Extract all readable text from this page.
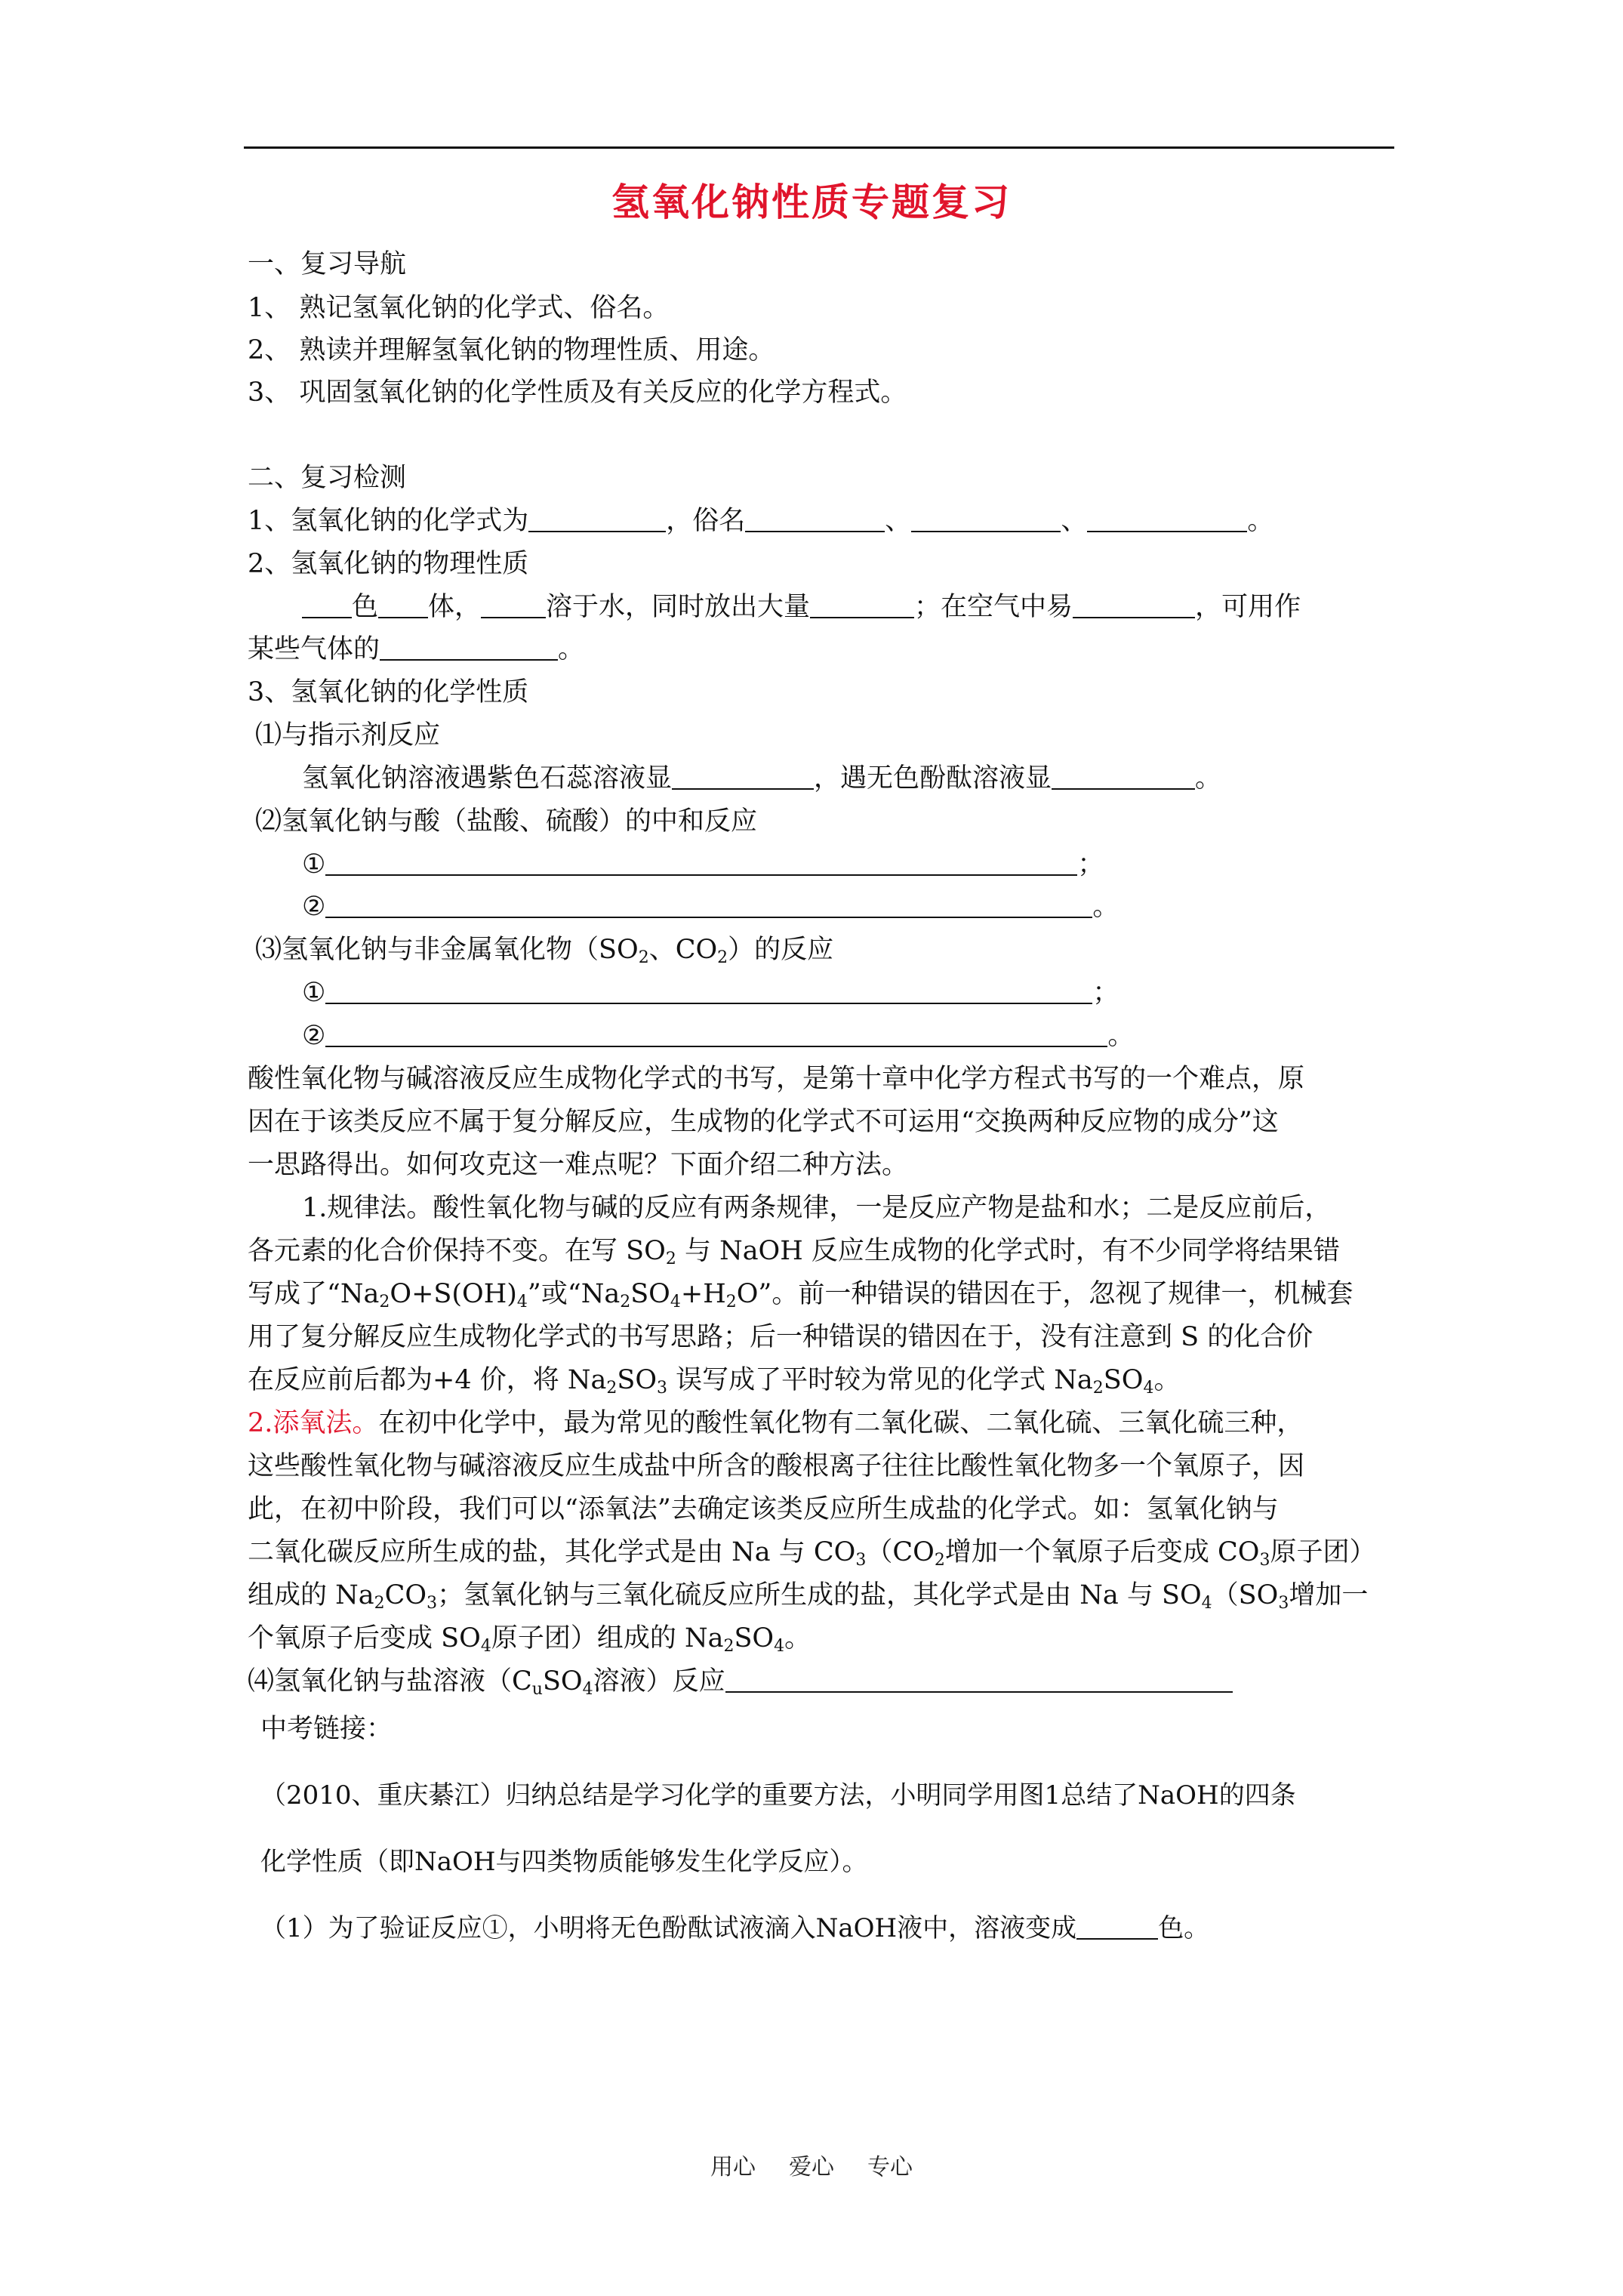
氢氧化钠性质专题复习
一、复习导航
1、 熟记氢氧化钠的化学式、俗名。
2、 熟读并理解氢氧化钠的物理性质、用途。
3、 巩固氢氧化钠的化学性质及有关反应的化学方程式。
二、复习检测
1、氢氧化钠的化学式为	，俗名	、	、	。
2、氢氧化钠的物理性质
色 体， 溶于水，同时放出大量	；在空气中易	，可用作
某些气体的	。
3、氢氧化钠的化学性质
⑴与指示剂反应
氢氧化钠溶液遇紫色石蕊溶液显	，遇无色酚酞溶液显	。
⑵氢氧化钠与酸（盐酸、硫酸）的中和反应
①	；
②	。
⑶氢氧化钠与非金属氧化物（$SO_2$、$CO_2$）的反应
①	；
②	。
酸性氧化物与碱溶液反应生成物化学式的书写，是第十章中化学方程式书写的一个难点，原
因在于该类反应不属于复分解反应，生成物的化学式不可运用“交换两种反应物的成分”这
一思路得出。如何攻克这一难点呢？下面介绍二种方法。
1.规律法。酸性氧化物与碱的反应有两条规律，一是反应产物是盐和水；二是反应前后，
各元素的化合价保持不变。在写 $SO_2$ 与 NaOH 反应生成物的化学式时，有不少同学将结果错
写成了“$Na_2O+S(OH)_4$”或“$Na_2SO_4+H_2O$”。前一种错误的错因在于，忽视了规律一，机械套
用了复分解反应生成物化学式的书写思路；后一种错误的错因在于，没有注意到 S 的化合价
在反应前后都为+4 价，将 $Na_2SO_3$ 误写成了平时较为常见的化学式 $Na_2SO_4$。
2.添氧法。在初中化学中，最为常见的酸性氧化物有二氧化碳、二氧化硫、三氧化硫三种，
这些酸性氧化物与碱溶液反应生成盐中所含的酸根离子往往比酸性氧化物多一个氧原子，因
此，在初中阶段，我们可以“添氧法”去确定该类反应所生成盐的化学式。如：氢氧化钠与
二氧化碳反应所生成的盐，其化学式是由 Na 与 $CO_3(CO_2$增加一个氧原子后变成 $CO_3$原子团）
组成的 $Na_2CO_3$；氢氧化钠与三氧化硫反应所生成的盐，其化学式是由 Na 与 $SO_4(SO_3$增加一
个氧原子后变成 $SO_4$原子团）组成的 $Na_2SO_4$。
⑷氢氧化钠与盐溶液（$C_uSO_4$溶液）反应
中考链接：
（2010、重庆綦江）归纳总结是学习化学的重要方法，小明同学用图1总结了NaOH的四条
化学性质（即NaOH与四类物质能够发生化学反应）。
（1）为了验证反应①，小明将无色酚酞试液滴入NaOH液中，溶液变成	色。
用心 爱心 专心
